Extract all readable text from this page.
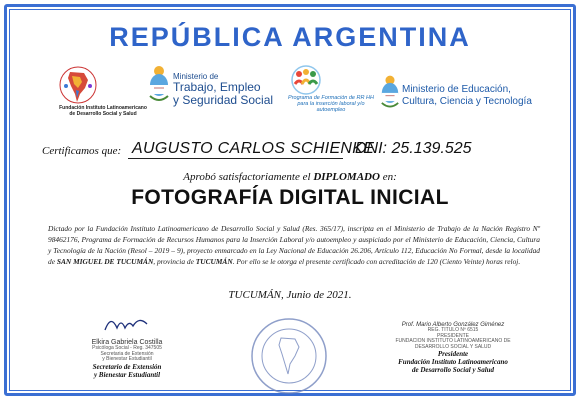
REPÚBLICA ARGENTINA
Fundación Instituto Latinoamericano de Desarrollo Social y Salud
Ministerio de
Trabajo, Empleo
y Seguridad Social	Programa de Formación de RR HH para la inserción laboral y/o autoempleo
Ministerio de Educación,
Cultura, Ciencia y Tecnología
Certificamos que: AUGUSTO CARLOS SCHIENKE
DNI: 25.139.525
Aprobó satisfactoriamente el DIPLOMADO en:
FOTOGRAFÍA DIGITAL INICIAL
Dictado por la Fundación Instituto Latinoamericano de Desarrollo Social y Salud (Res. 365/17), inscripta en el Ministerio de Trabajo de la Nación Registro Nº 98462176, Programa de Formación de Recursos Humanos para la Inserción Laboral y/o autoempleo y auspiciado por el Ministerio de Educación, Ciencia, Cultura y Tecnología de la Nación (Resol – 2019 – 9), proyecto enmarcado en la Ley Nacional de Educación 26.206, Artículo 112, Educación No Formal, desde la localidad de SAN MIGUEL DE TUCUMÁN, provincia de TUCUMÁN. Por ello se le otorga el presente certificado con acreditación de 120 (Ciento Veinte) horas reloj.
TUCUMÁN, Junio de 2021.
Elkira Gabriela Costilla
Psicóloga Social - Reg. 347505
Secretaria de Extensión
y Bienestar Estudiantil
Secretario de Extensión
y Bienestar Estudiantil
Prof. Mario Alberto González Giménez
REG. TITULO Nº 6515
PRESIDENTE
FUNDACION INSTITUTO LATINOAMERICANO DE DESARROLLO SOCIAL Y SALUD
Presidente
Fundación Instituto Latinoamericano
de Desarrollo Social y Salud
